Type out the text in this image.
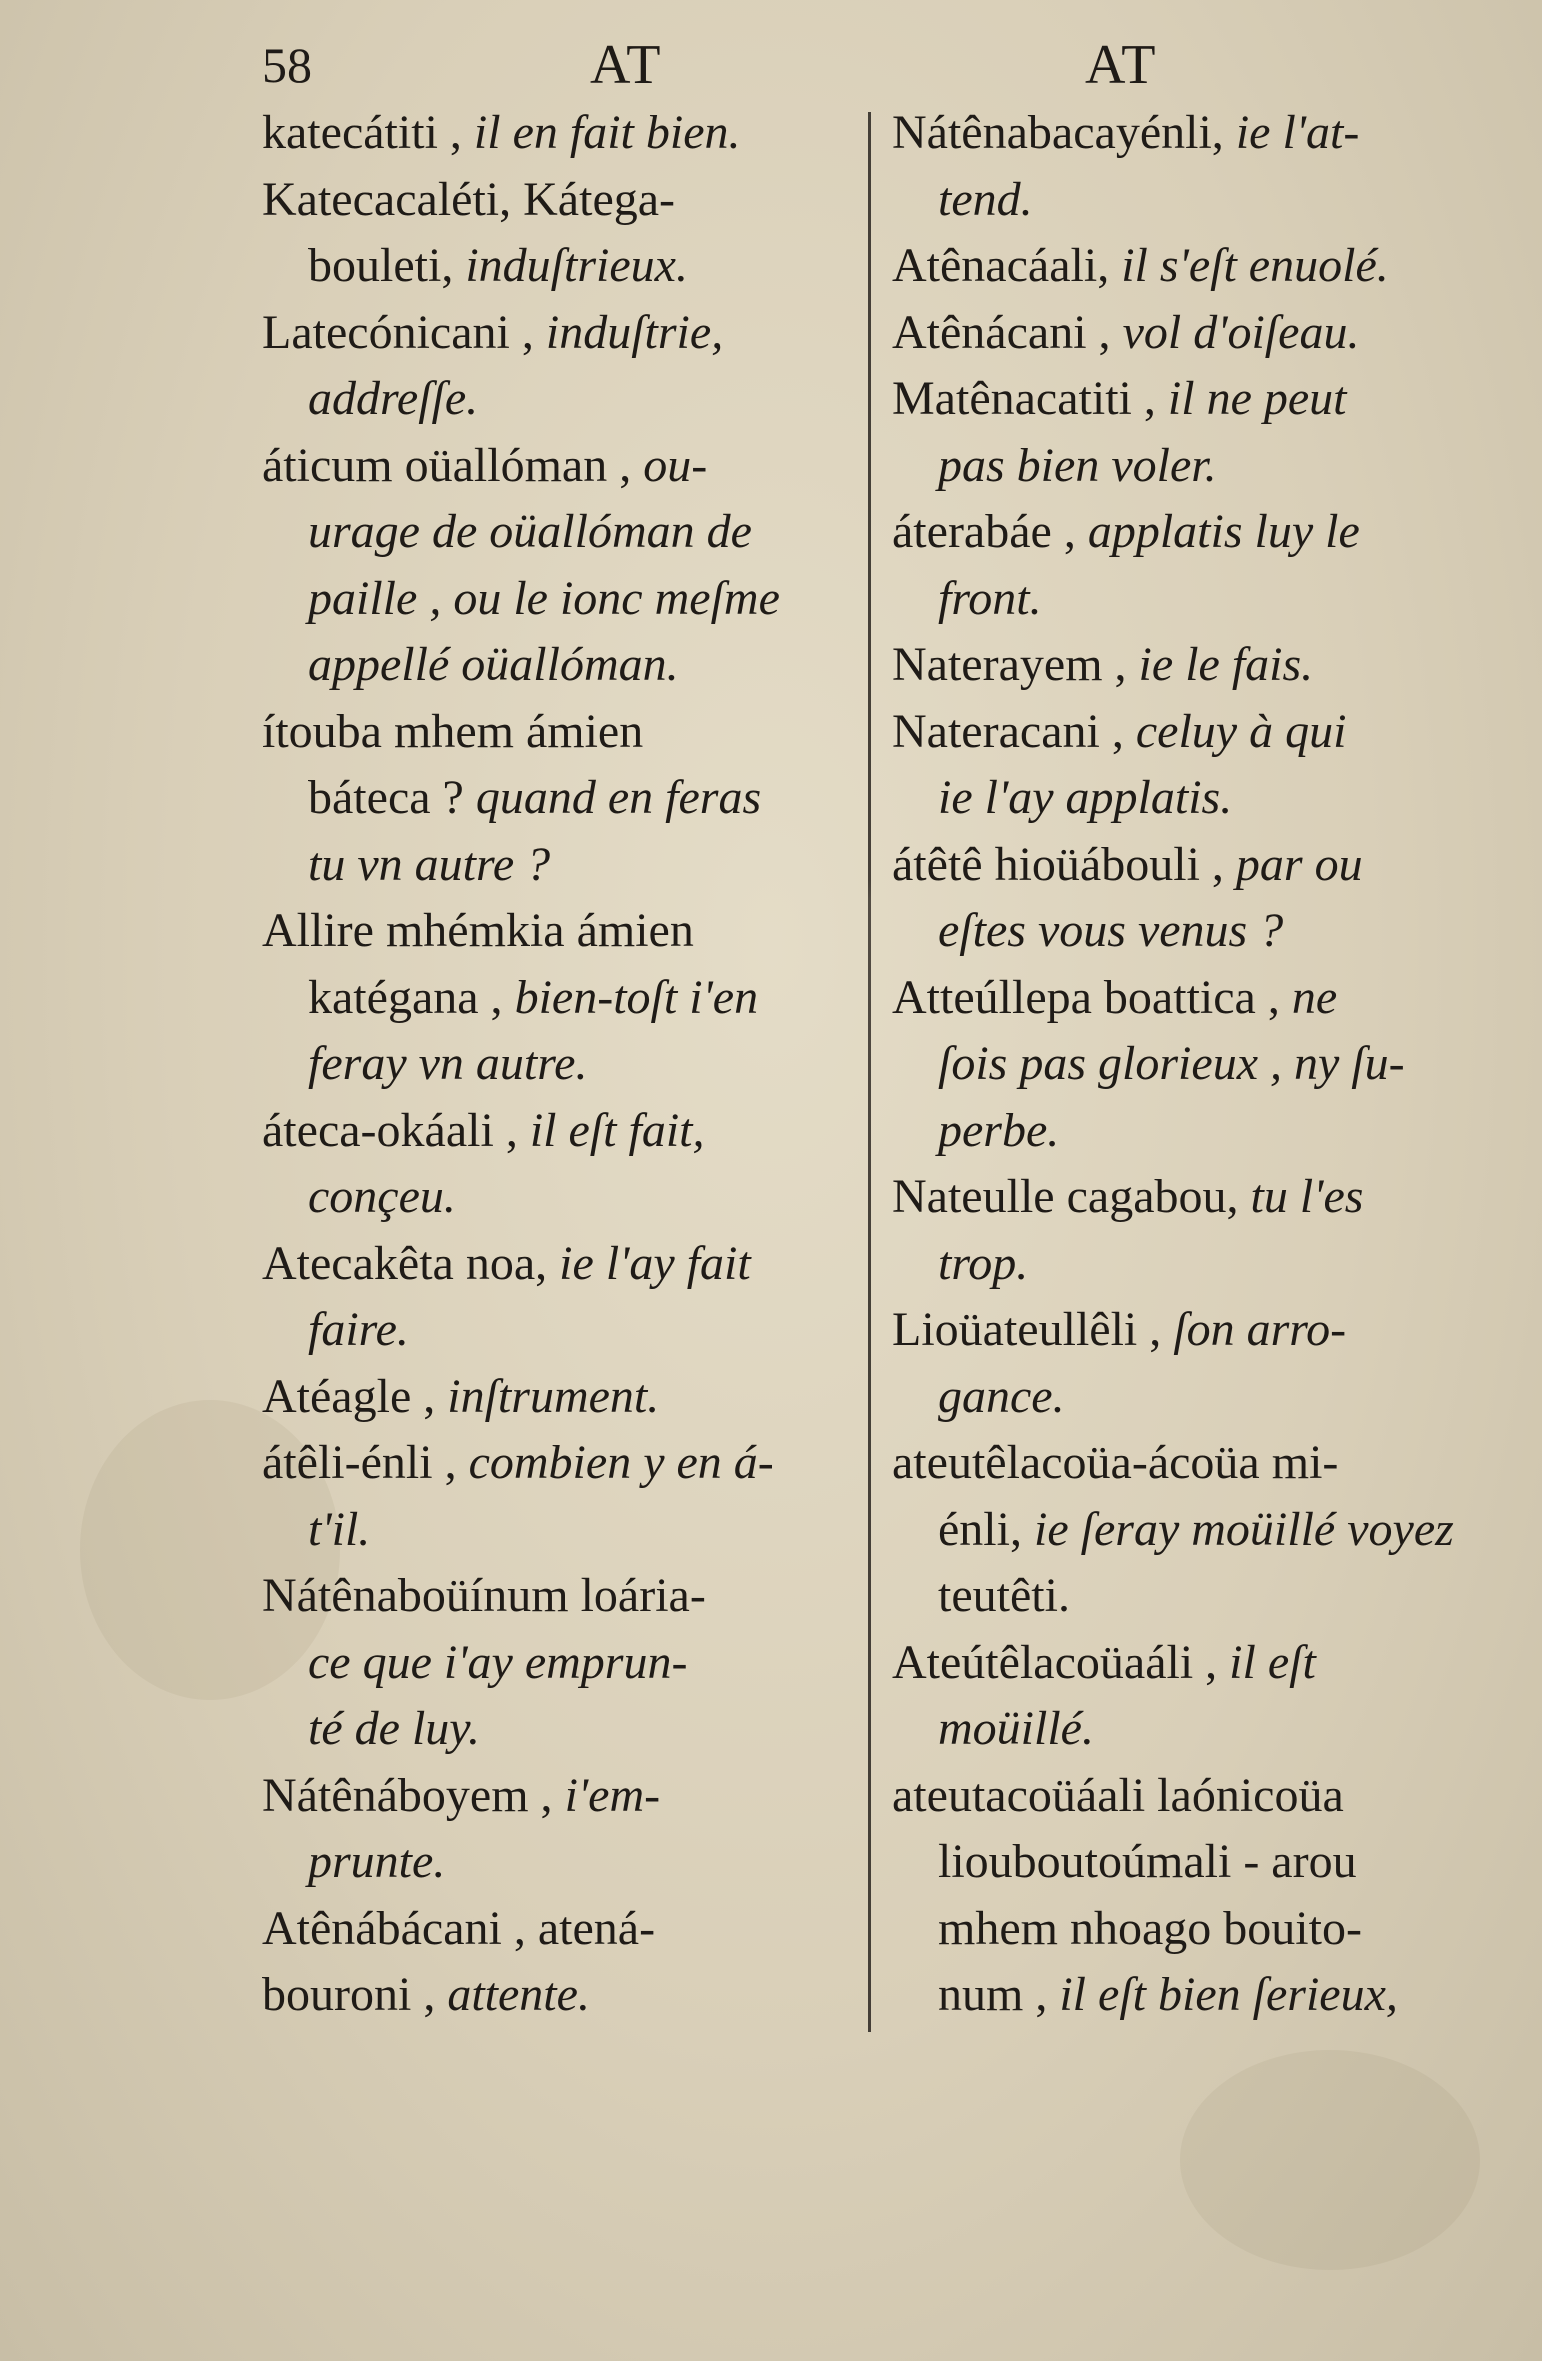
58	AT	AT
katecátiti , il en fait bien.
Katecacaléti, Kátega-
bouleti, induſtrieux.
Latecónicani , induſtrie,
addreſſe.
áticum oüallóman , ou-
urage de oüallóman de
paille , ou le ionc meſme
appellé oüallóman.
ítouba mhem ámien
báteca ? quand en feras
tu vn autre ?
Allire mhémkia ámien
katégana , bien-toſt i'en
feray vn autre.
áteca-okáali , il eſt fait,
conçeu.
Atecakêta noa, ie l'ay fait
faire.
Atéagle , inſtrument.
átêli-énli , combien y en á-
t'il.
Nátênaboüínum loária-
ce que i'ay emprun-
té de luy.
Nátênáboyem , i'em-
prunte.
Atênábácani , atená-
bouroni , attente.
Nátênabacayénli, ie l'at-
tend.
Atênacáali, il s'eſt enuolé.
Atênácani , vol d'oiſeau.
Matênacatiti , il ne peut
pas bien voler.
áterabáe , applatis luy le
front.
Naterayem , ie le fais.
Nateracani , celuy à qui
ie l'ay applatis.
átêtê hioüábouli , par ou
eſtes vous venus ?
Atteúllepa boattica , ne
ſois pas glorieux , ny ſu-
perbe.
Nateulle cagabou, tu l'es
trop.
Lioüateullêli , ſon arro-
gance.
ateutêlacoüa-ácoüa mi-
énli, ie ſeray moüillé voyez
teutêti.
Ateútêlacoüaáli , il eſt
moüillé.
ateutacoüáali laónicoüa
liouboutoúmali - arou
mhem nhoago bouito-
num , il eſt bien ſerieux,
